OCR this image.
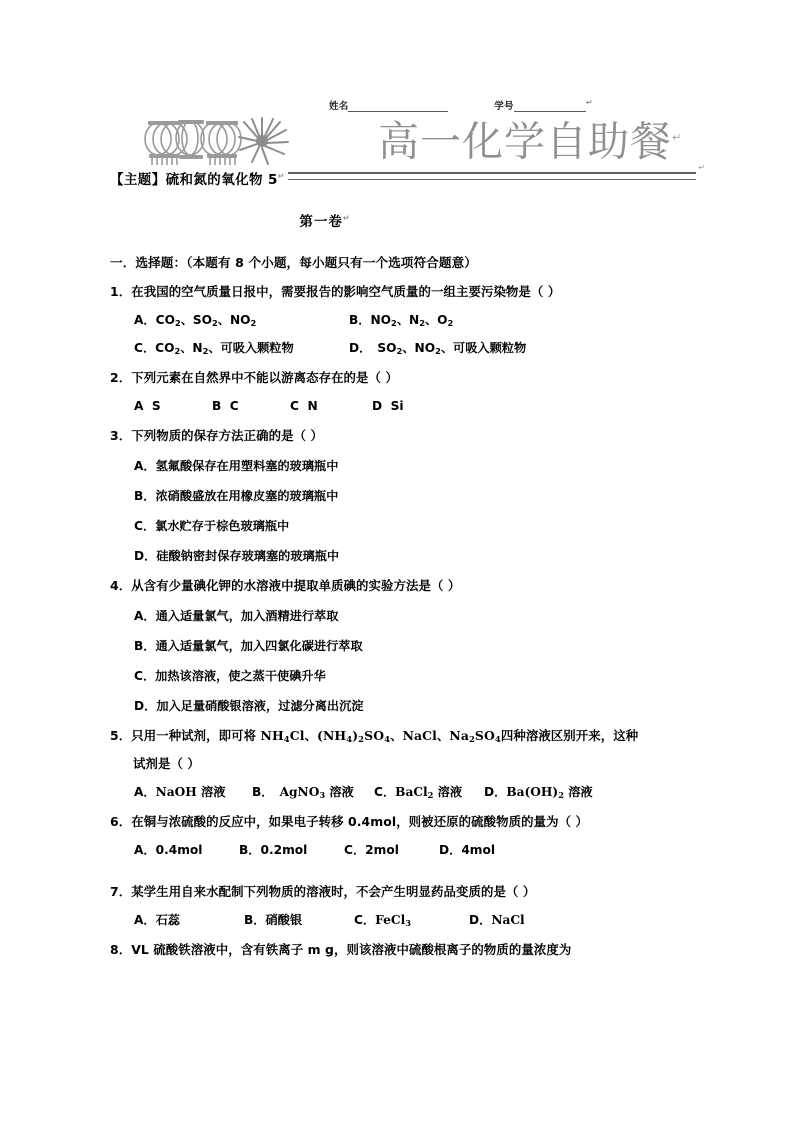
姓名	学号	↵
高一化学自助餐↵
↵
【主题】硫和氮的氧化物 5↵
第一卷↵
一．选择题：（本题有 8 个小题，每小题只有一个选项符合题意）
1．在我国的空气质量日报中，需要报告的影响空气质量的一组主要污染物是（ ）
A．$CO_2$、$SO_2$、$NO_2$	B．$NO_2$、$N_2$、$O_2$
C．$CO_2$、$N_2$、可吸入颗粒物	D．　$SO_2$、$NO_2$、可吸入颗粒物
2．下列元素在自然界中不能以游离态存在的是（ ）
A  S	B  C	C  N	D  Si
3．下列物质的保存方法正确的是（ ）
A．氢氟酸保存在用塑料塞的玻璃瓶中
B．浓硝酸盛放在用橡皮塞的玻璃瓶中
C．氯水贮存于棕色玻璃瓶中
D．硅酸钠密封保存玻璃塞的玻璃瓶中
4．从含有少量碘化钾的水溶液中提取单质碘的实验方法是（ ）
A．通入适量氯气，加入酒精进行萃取
B．通入适量氯气，加入四氯化碳进行萃取
C．加热该溶液，使之蒸干使碘升华
D．加入足量硝酸银溶液，过滤分离出沉淀
5．只用一种试剂，即可将 $NH_4Cl$、$(NH_4)_2SO_4$、NaCl、$Na_2SO_4$四种溶液区别开来，这种
试剂是（ ）
A．NaOH 溶液 B．　 AgNO$_3$ 溶液 C．BaCl$_2$ 溶液 D．$Ba(OH)_2$ 溶液
6．在铜与浓硫酸的反应中，如果电子转移 0.4mol，则被还原的硫酸物质的量为（ ）
A．0.4mol	B．0.2mol	C．2mol	D．4mol
7．某学生用自来水配制下列物质的溶液时，不会产生明显药品变质的是（ ）
A．石蕊	B．硝酸银	C．FeCl$_3$	D．NaCl
8．VL 硫酸铁溶液中，含有铁离子 m g，则该溶液中硫酸根离子的物质的量浓度为
